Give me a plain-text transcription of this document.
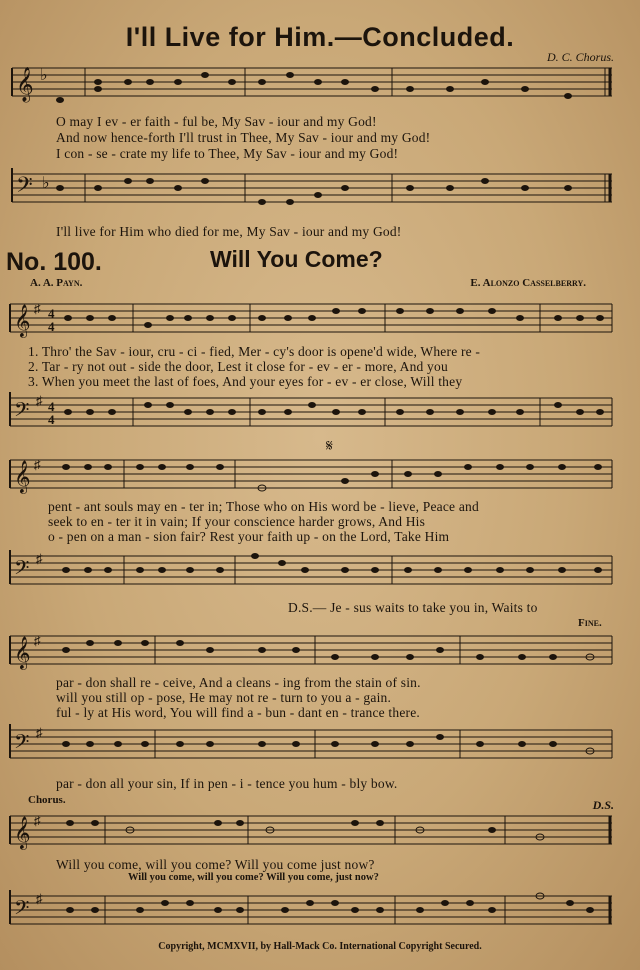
I'll Live for Him.—Concluded.
D. C. Chorus.
𝄞 ♭
O may I ev - er faith - ful be, My Sav - iour and my God!
And now hence-forth I'll trust in Thee, My Sav - iour and my God!
I con - se - crate my life to Thee, My Sav - iour and my God!
𝄢 ♭
I'll live for Him who died for me, My Sav - iour and my God!
No. 100.	Will You Come?
A. A. Payn.	E. Alonzo Casselberry.
𝄞 ♯ 4
4
1. Thro' the Sav - iour, cru - ci - fied, Mer - cy's door is opene'd wide, Where re -
2. Tar - ry not out - side the door, Lest it close for - ev - er - more, And you
3. When you meet the last of foes, And your eyes for - ev - er close, Will they
𝄢 ♯ 4
4
𝄋
𝄞 ♯
pent - ant souls may en - ter in; Those who on His word be - lieve, Peace and
seek to en - ter it in vain; If your conscience harder grows, And His
o - pen on a man - sion fair? Rest your faith up - on the Lord, Take Him
𝄢 ♯
D.S.— Je - sus waits to take you in, Waits to
Fine.
𝄞 ♯
par - don shall re - ceive, And a cleans - ing from the stain of sin.
will you still op - pose, He may not re - turn to you a - gain.
ful - ly at His word, You will find a - bun - dant en - trance there.
𝄢 ♯
par - don all your sin, If in pen - i - tence you hum - bly bow.
Chorus.	D.S.
𝄞 ♯
Will you come, will you come? Will you come just now?
Will you come, will you come? Will you come, just now?
𝄢 ♯
Copyright, MCMXVII, by Hall-Mack Co. International Copyright Secured.
